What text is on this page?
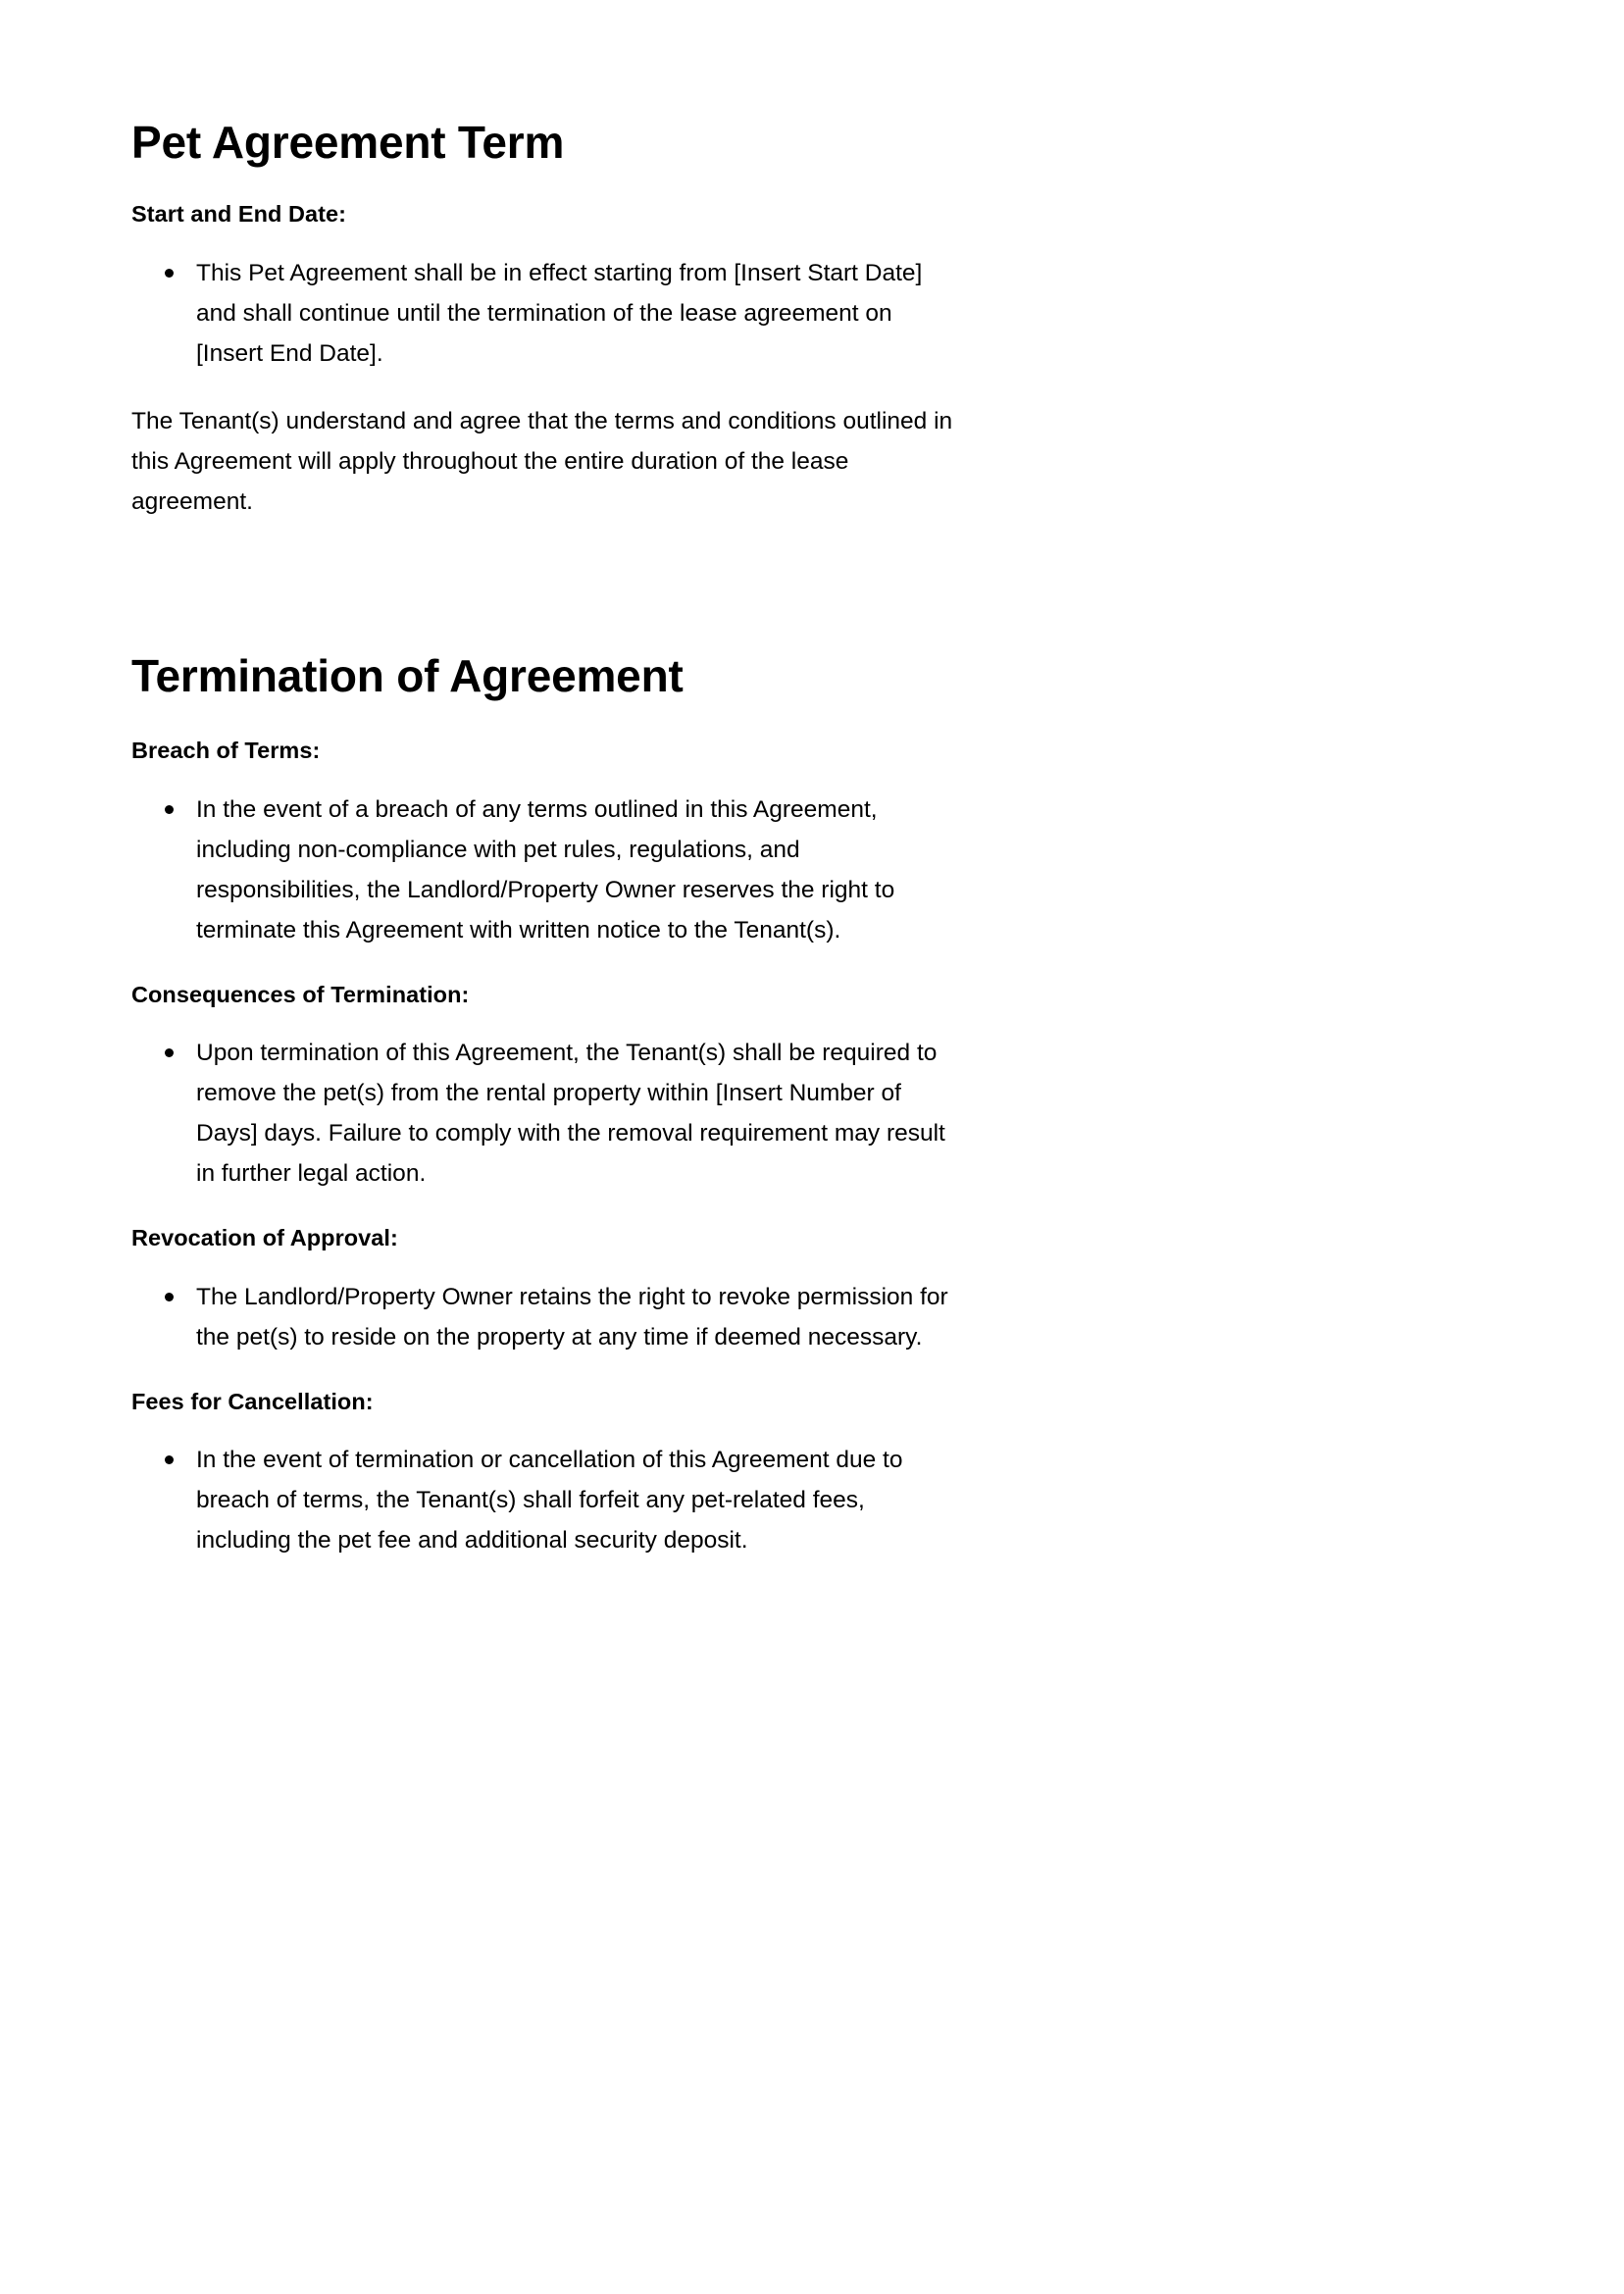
Pet Agreement Term
Start and End Date:
This Pet Agreement shall be in effect starting from [Insert Start Date] and shall continue until the termination of the lease agreement on [Insert End Date].

The Tenant(s) understand and agree that the terms and conditions outlined in this Agreement will apply throughout the entire duration of the lease agreement.

Termination of Agreement
Breach of Terms:
In the event of a breach of any terms outlined in this Agreement, including non-compliance with pet rules, regulations, and responsibilities, the Landlord/Property Owner reserves the right to terminate this Agreement with written notice to the Tenant(s).
Consequences of Termination:
Upon termination of this Agreement, the Tenant(s) shall be required to remove the pet(s) from the rental property within [Insert Number of Days] days. Failure to comply with the removal requirement may result in further legal action.
Revocation of Approval:
The Landlord/Property Owner retains the right to revoke permission for the pet(s) to reside on the property at any time if deemed necessary.
Fees for Cancellation:
In the event of termination or cancellation of this Agreement due to breach of terms, the Tenant(s) shall forfeit any pet-related fees, including the pet fee and additional security deposit.
